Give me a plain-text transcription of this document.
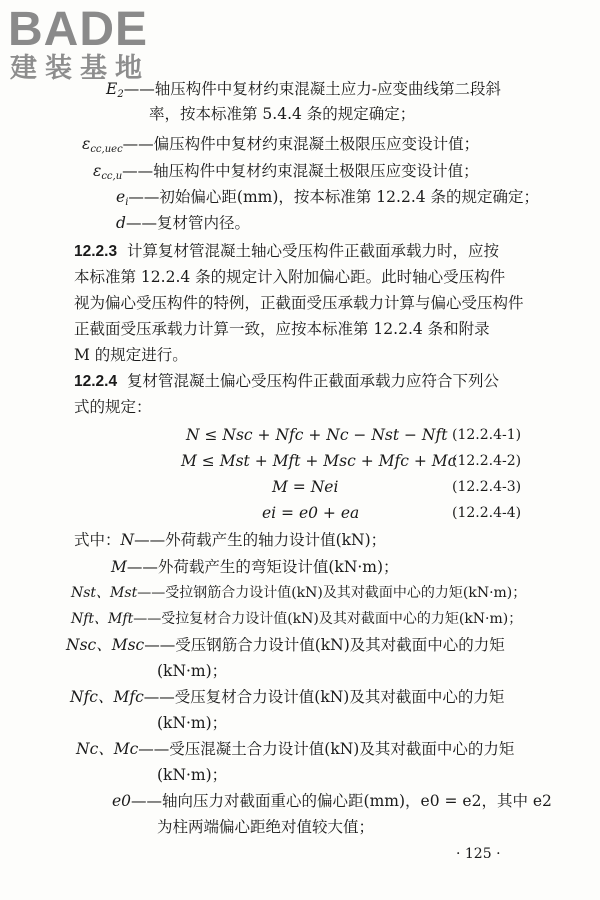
BADE
建装基地
$E_2——$轴压构件中复材约束混凝土应力-应变曲线第二段斜
率，按本标准第 5.4.4 条的规定确定；
$\varepsilon_{cc,uec}——$偏压构件中复材约束混凝土极限压应变设计值；
$\varepsilon_{cc,u}——$轴压构件中复材约束混凝土极限压应变设计值；
$e_i——$初始偏心距(mm)，按本标准第 12.2.4 条的规定确定；
d——复材管内径。
12.2.3 计算复材管混凝土轴心受压构件正截面承载力时，应按
本标准第 12.2.4 条的规定计入附加偏心距。此时轴心受压构件
视为偏心受压构件的特例，正截面受压承载力计算与偏心受压构件
正截面受压承载力计算一致，应按本标准第 12.2.4 条和附录
M 的规定进行。
12.2.4 复材管混凝土偏心受压构件正截面承载力应符合下列公
式的规定：
N ≤ Nsc + Nfc + Nc − Nst − Nft (12.2.4-1)
M ≤ Mst + Mft + Msc + Mfc + Mc
(12.2.4-2)
M = Nei	(12.2.4-3)
ei = e0 + ea	(12.2.4-4)
式中：N——外荷载产生的轴力设计值(kN)；
M——外荷载产生的弯矩设计值(kN·m)；
Nst、Mst——受拉钢筋合力设计值(kN)及其对截面中心的力矩(kN·m)；
Nft、Mft——受拉复材合力设计值(kN)及其对截面中心的力矩(kN·m)；
Nsc、Msc——受压钢筋合力设计值(kN)及其对截面中心的力矩
(kN·m)；
Nfc、Mfc——受压复材合力设计值(kN)及其对截面中心的力矩
(kN·m)；
Nc、Mc——受压混凝土合力设计值(kN)及其对截面中心的力矩
(kN·m)；
e0——轴向压力对截面重心的偏心距(mm)，e0 = e2，其中 e2
为柱两端偏心距绝对值较大值；
· 125 ·
